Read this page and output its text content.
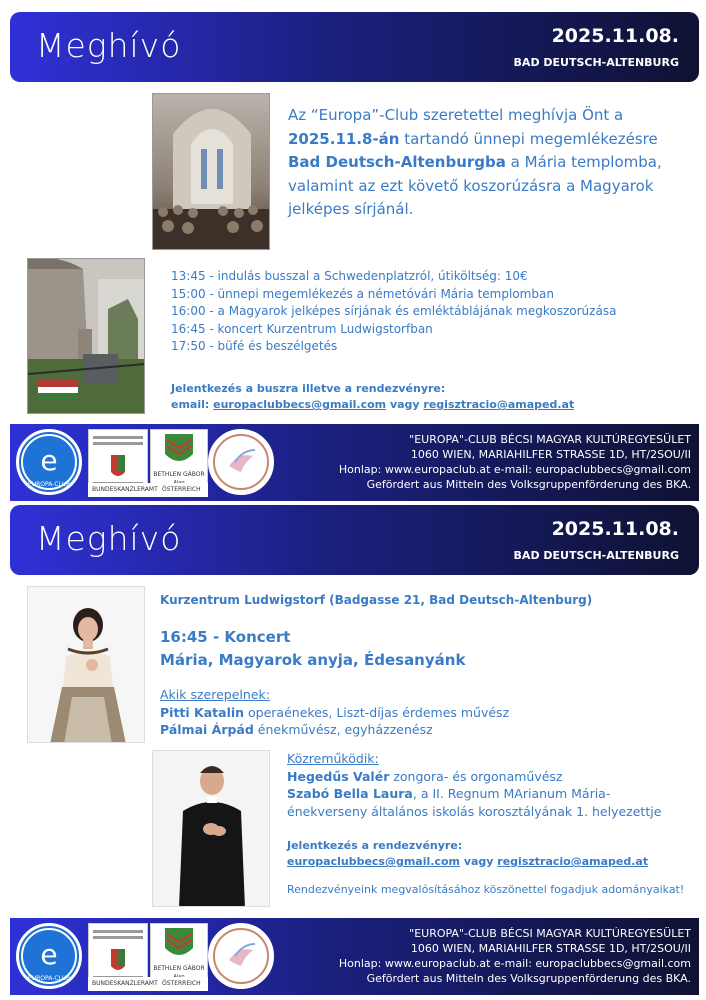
Meghívó	2025.11.08.
BAD DEUTSCH-ALTENBURG
Az “Europa”-Club szeretettel meghívja Önt a 2025.11.8-án tartandó ünnepi megemlékezésre Bad Deutsch-Altenburgba a Mária templomba, valamint az ezt követő koszorúzásra a Magyarok jelképes sírjánál.
13:45 - indulás busszal a Schwedenplatzról, útiköltség: 10€
15:00 - ünnepi megemlékezés a németóvári Mária templomban
16:00 - a Magyarok jelképes sírjának és emléktáblájának megkoszorúzása
16:45 - koncert Kurzentrum Ludwigstorfban
17:50 - büfé és beszélgetés
Jelentkezés a buszra illetve a rendezvényre:
email: europaclubbecs@gmail.com vagy regisztracio@amaped.at
e
EUROPA-CLUB
BETHLEN GÁBOR
BUNDESKANZLERAMT ÖSTERREICH
"EUROPA"-CLUB BÉCSI MAGYAR KULTÚREGYESÜLET
1060 WIEN, MARIAHILFER STRASSE 1D, HT/2SOU/II
Honlap: www.europaclub.at e-mail: europaclubbecs@gmail.com
Gefördert aus Mitteln des Volksgruppenförderung des BKA.
Meghívó	2025.11.08.
BAD DEUTSCH-ALTENBURG
Kurzentrum Ludwigstorf (Badgasse 21, Bad Deutsch-Altenburg)
16:45 - Koncert
Mária, Magyarok anyja, Édesanyánk
Akik szerepelnek:
Pitti Katalin operaénekes, Liszt-díjas érdemes művész
Pálmai Árpád énekművész, egyházzenész
Közreműködik:
Hegedűs Valér zongora- és orgonaművész
Szabó Bella Laura, a II. Regnum MArianum Mária-énekverseny általános iskolás korosztályának 1. helyezettje
Jelentkezés a rendezvényre:
europaclubbecs@gmail.com vagy regisztracio@amaped.at
Rendezvényeink megvalósításához köszönettel fogadjuk adományaikat!
e
EUROPA-CLUB
BETHLEN GÁBOR
BUNDESKANZLERAMT ÖSTERREICH
"EUROPA"-CLUB BÉCSI MAGYAR KULTÚREGYESÜLET
1060 WIEN, MARIAHILFER STRASSE 1D, HT/2SOU/II
Honlap: www.europaclub.at e-mail: europaclubbecs@gmail.com
Gefördert aus Mitteln des Volksgruppenförderung des BKA.
